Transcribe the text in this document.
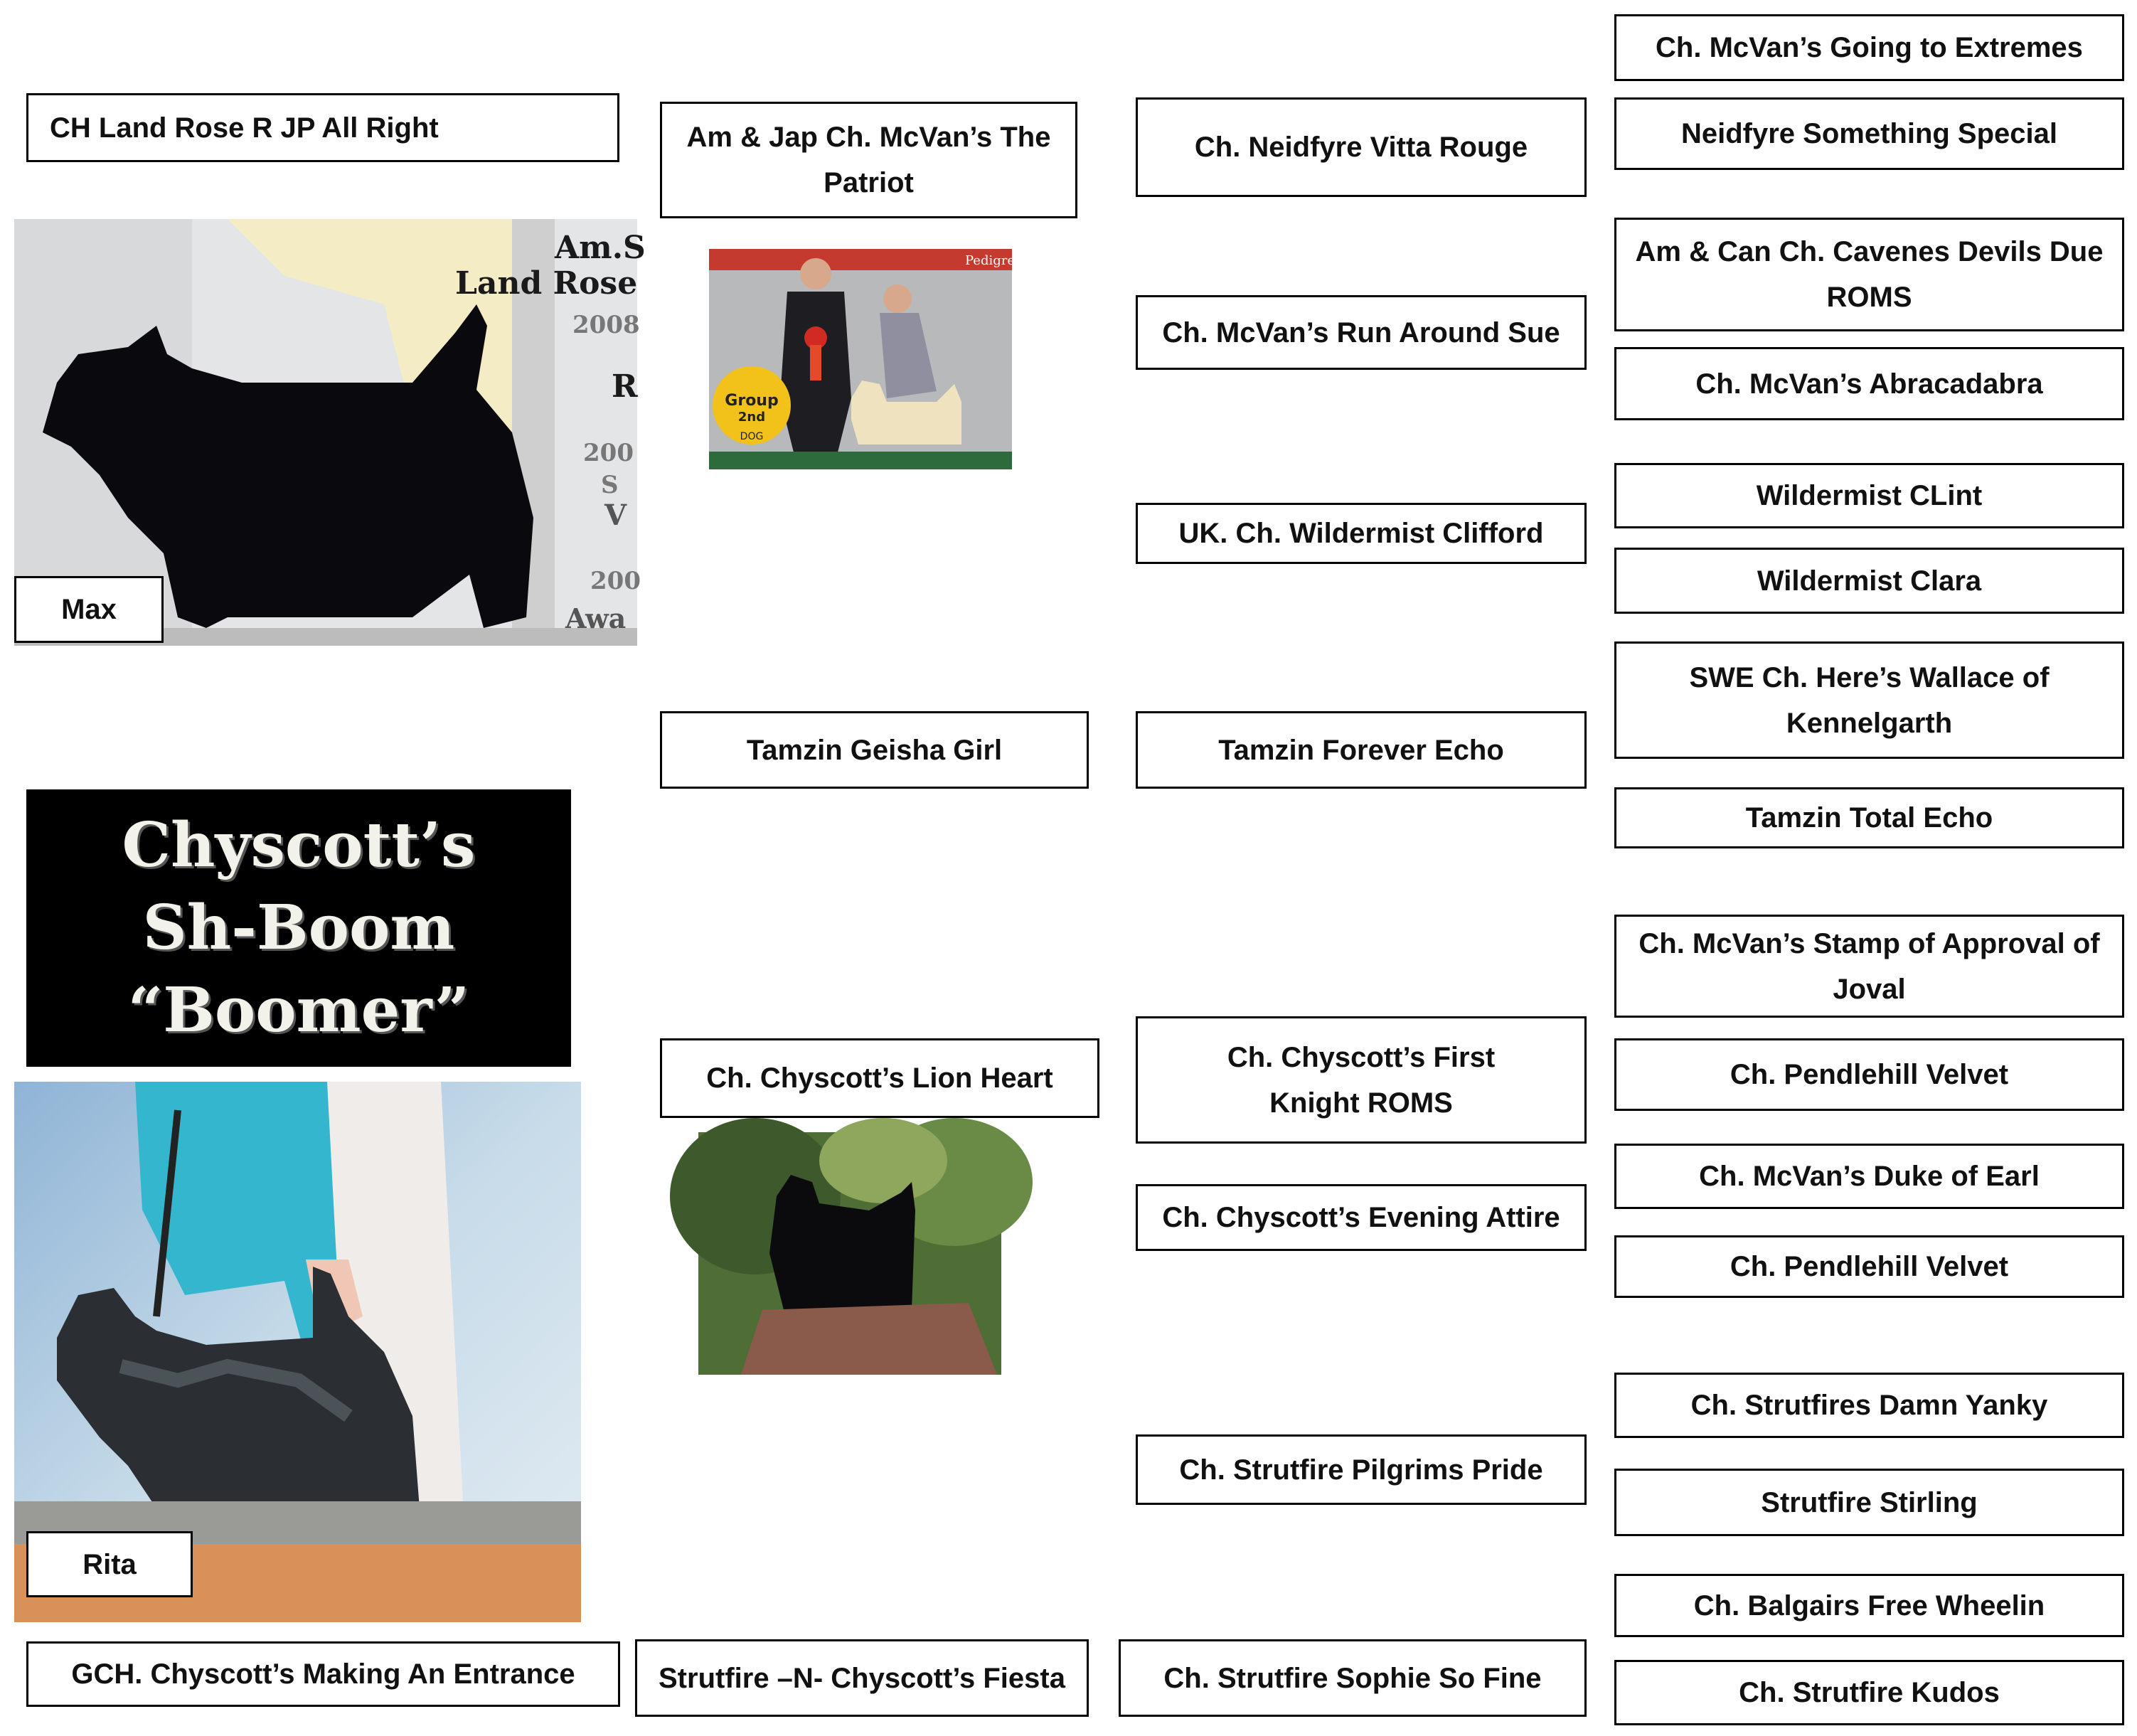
CH Land Rose R JP All Right
Am.S
Land Rose
2008
R
200
S
V
200
Awa
Max
Chyscott’s
Sh-Boom
“Boomer”
Rita
GCH. Chyscott’s Making An Entrance
Am & Jap Ch. McVan’s The Patriot
Pedigree
Group
2nd
DOG
Tamzin Geisha Girl
Ch. Chyscott’s Lion Heart
Strutfire –N- Chyscott’s Fiesta
Ch. Neidfyre Vitta Rouge
Ch. McVan’s Run Around Sue
UK. Ch. Wildermist Clifford
Tamzin Forever Echo
Ch. Chyscott’s First Knight ROMS
Ch. Chyscott’s Evening Attire
Ch. Strutfire Pilgrims Pride
Ch. Strutfire Sophie So Fine
Ch. McVan’s Going to Extremes
Neidfyre Something Special
Am & Can Ch. Cavenes Devils Due ROMS
Ch. McVan’s Abracadabra
Wildermist CLint
Wildermist Clara
SWE Ch. Here’s Wallace of Kennelgarth
Tamzin Total Echo
Ch. McVan’s Stamp of Approval of Joval
Ch. Pendlehill Velvet
Ch. McVan’s Duke of Earl
Ch. Pendlehill Velvet
Ch. Strutfires Damn Yanky
Strutfire Stirling
Ch. Balgairs Free Wheelin
Ch. Strutfire Kudos
